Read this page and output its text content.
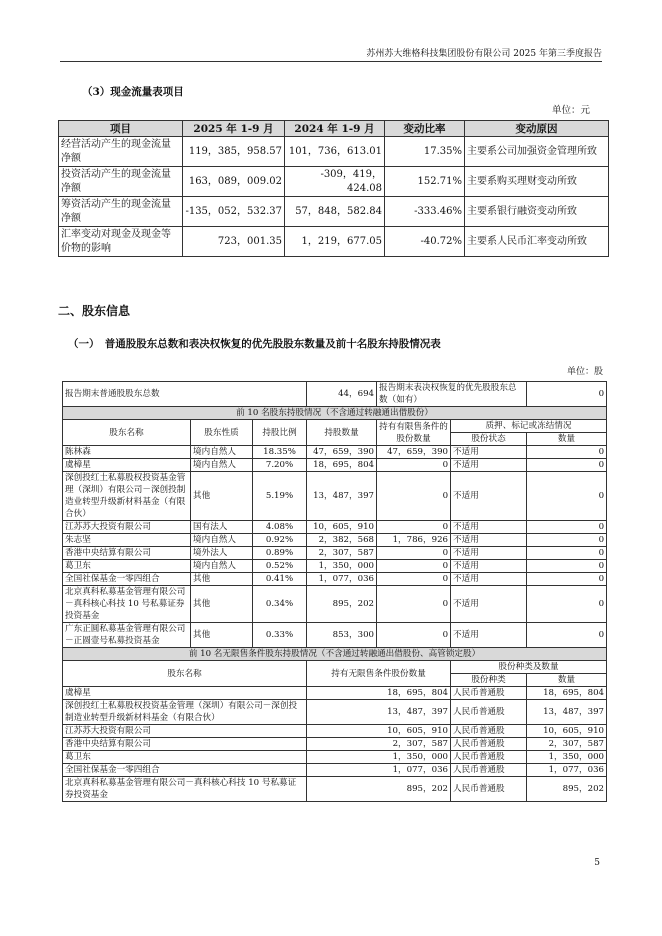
苏州苏大维格科技集团股份有限公司 2025 年第三季度报告
（3）现金流量表项目
单位：元
项目	2025 年 1-9 月	2024 年 1-9 月	变动比率	变动原因
经营活动产生的现金流量净额	119，385，958.57	101，736，613.01	17.35%	主要系公司加强资金管理所致
投资活动产生的现金流量净额	163，089，009.02	-309，419，424.08	152.71%	主要系购买理财变动所致
筹资活动产生的现金流量净额	-135，052，532.37	57，848，582.84	-333.46%	主要系银行融资变动所致
汇率变动对现金及现金等价物的影响	723，001.35	1，219，677.05	-40.72%	主要系人民币汇率变动所致
二、股东信息
（一）　普通股股东总数和表决权恢复的优先股股东数量及前十名股东持股情况表
单位：股
报告期末普通股股东总数			44，694	报告期末表决权恢复的优先股股东总数（如有）		0
前 10 名股东持股情况（不含通过转融通出借股份）						
股东名称	股东性质	持股比例	持股数量	持有有限售条件的股份数量	质押、标记或冻结情况	
					股份状态	数量
陈林森	境内自然人	18.35%	47，659，390	47，659，390	不适用	0
虞樟星	境内自然人	7.20%	18，695，804	0	不适用	0
深创投红土私募股权投资基金管理（深圳）有限公司－深创投制造业转型升级新材料基金（有限合伙）	其他	5.19%	13，487，397	0	不适用	0
江苏苏大投资有限公司	国有法人	4.08%	10，605，910	0	不适用	0
朱志坚	境内自然人	0.92%	2，382，568	1，786，926	不适用	0
香港中央结算有限公司	境外法人	0.89%	2，307，587	0	不适用	0
葛卫东	境内自然人	0.52%	1，350，000	0	不适用	0
全国社保基金一零四组合	其他	0.41%	1，077，036	0	不适用	0
北京真科私募基金管理有限公司－真科核心科技 10 号私募证券投资基金	其他	0.34%	895，202	0	不适用	0
广东正圆私募基金管理有限公司－正圆壹号私募投资基金	其他	0.33%	853，300	0	不适用	0
前 10 名无限售条件股东持股情况（不含通过转融通出借股份、高管锁定股）						
股东名称			持有无限售条件股份数量		股份种类及数量	
					股份种类	数量
虞樟星			18，695，804		人民币普通股	18，695，804
深创投红土私募股权投资基金管理（深圳）有限公司－深创投制造业转型升级新材料基金（有限合伙）			13，487，397		人民币普通股	13，487，397
江苏苏大投资有限公司			10，605，910		人民币普通股	10，605，910
香港中央结算有限公司			2，307，587		人民币普通股	2，307，587
葛卫东			1，350，000		人民币普通股	1，350，000
全国社保基金一零四组合			1，077，036		人民币普通股	1，077，036
北京真科私募基金管理有限公司－真科核心科技 10 号私募证券投资基金			895，202		人民币普通股	895，202
5
